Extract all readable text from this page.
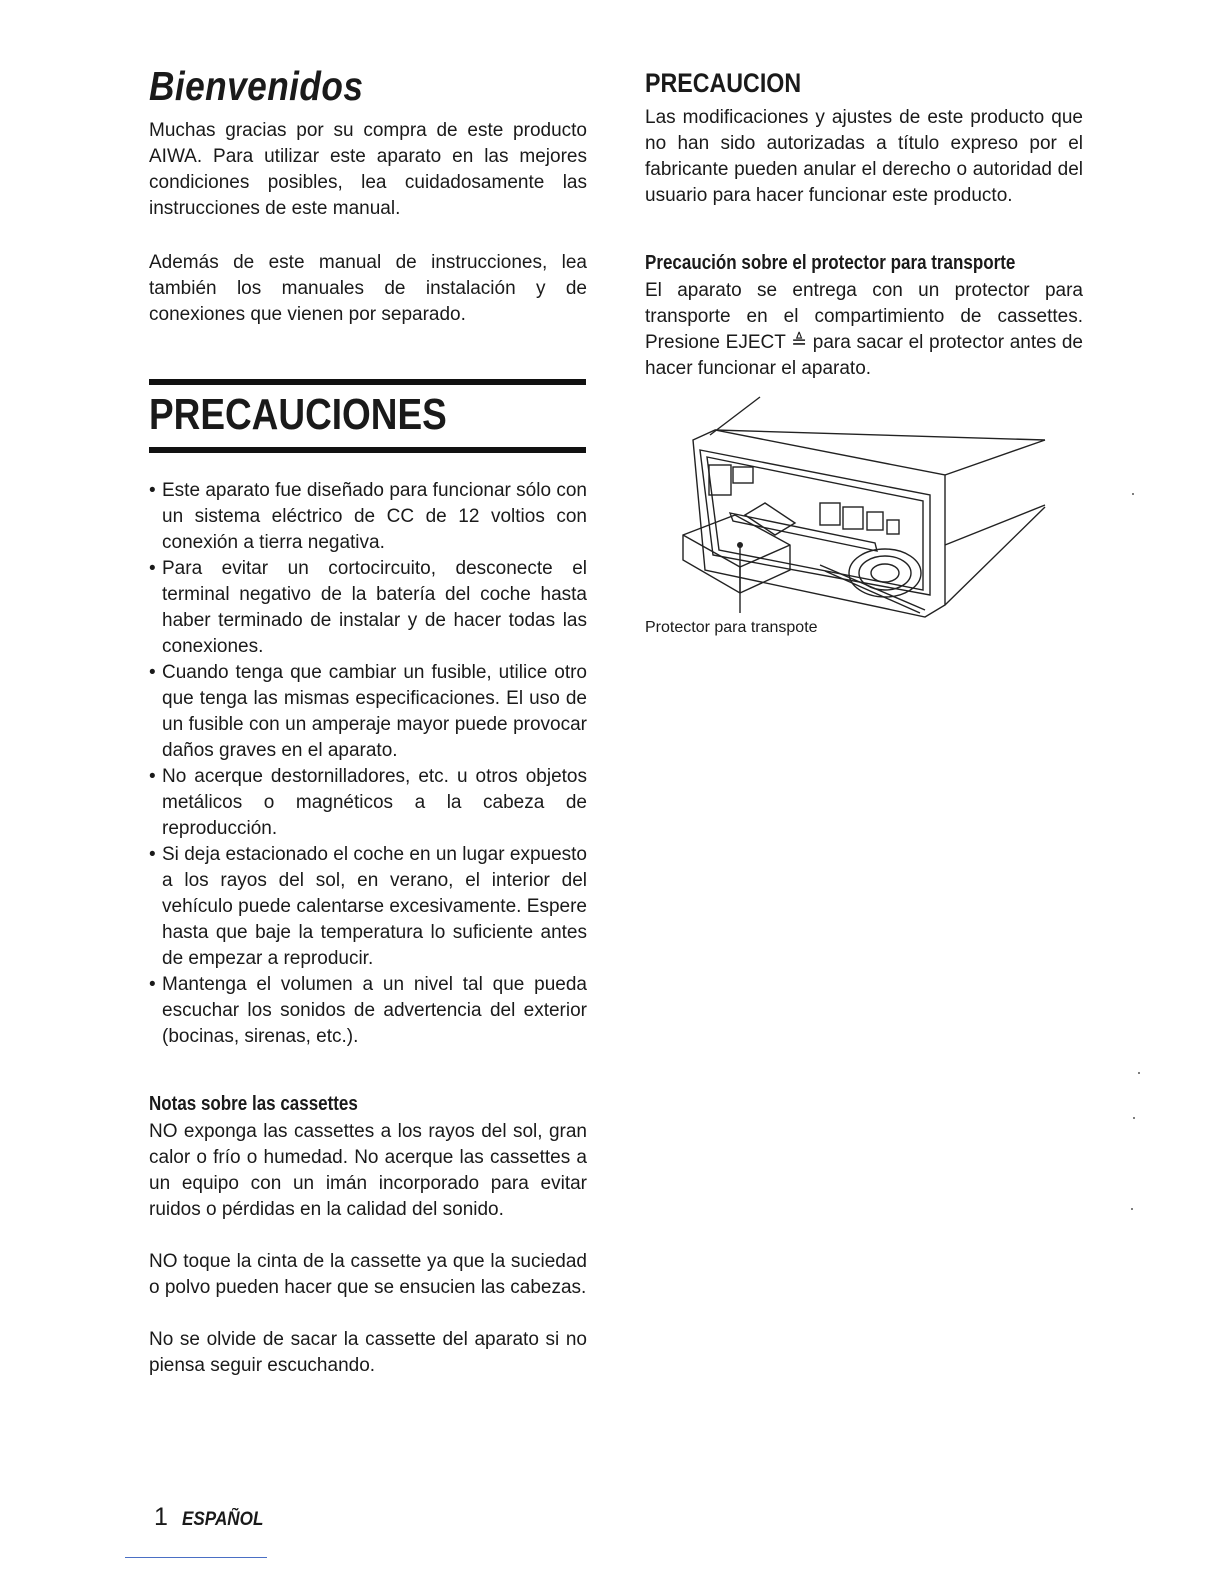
Bienvenidos

Muchas gracias por su compra de este producto AIWA. Para utilizar este aparato en las mejores condiciones posibles, lea cuidadosamente las instrucciones de este manual.

Además de este manual de instrucciones, lea también los manuales de instalación y de conexiones que vienen por separado.

PRECAUCIONES
• Este aparato fue diseñado para funcionar sólo con un sistema eléctrico de CC de 12 voltios con conexión a tierra negativa.
• Para evitar un cortocircuito, desconecte el terminal negativo de la batería del coche hasta haber terminado de instalar y de hacer todas las conexiones.
• Cuando tenga que cambiar un fusible, utilice otro que tenga las mismas especificaciones. El uso de un fusible con un amperaje mayor puede provocar daños graves en el aparato.
• No acerque destornilladores, etc. u otros objetos metálicos o magnéticos a la cabeza de reproducción.
• Si deja estacionado el coche en un lugar expuesto a los rayos del sol, en verano, el interior del vehículo puede calentarse excesivamente. Espere hasta que baje la temperatura lo suficiente antes de empezar a reproducir.
• Mantenga el volumen a un nivel tal que pueda escuchar los sonidos de advertencia del exterior (bocinas, sirenas, etc.).
Notas sobre las cassettes

NO exponga las cassettes a los rayos del sol, gran calor o frío o humedad. No acerque las cassettes a un equipo con un imán incorporado para evitar ruidos o pérdidas en la calidad del sonido.

NO toque la cinta de la cassette ya que la suciedad o polvo pueden hacer que se ensucien las cabezas.

No se olvide de sacar la cassette del aparato si no piensa seguir escuchando.

PRECAUCION

Las modificaciones y ajustes de este producto que no han sido autorizadas a título expreso por el fabricante pueden anular el derecho o autoridad del usuario para hacer funcionar este producto.

Precaución sobre el protector para transporte

El aparato se entrega con un protector para transporte en el compartimiento de cassettes. Presione EJECT ≜ para sacar el protector antes de hacer funcionar el aparato.

Protector para transpote

1 ESPAÑOL
